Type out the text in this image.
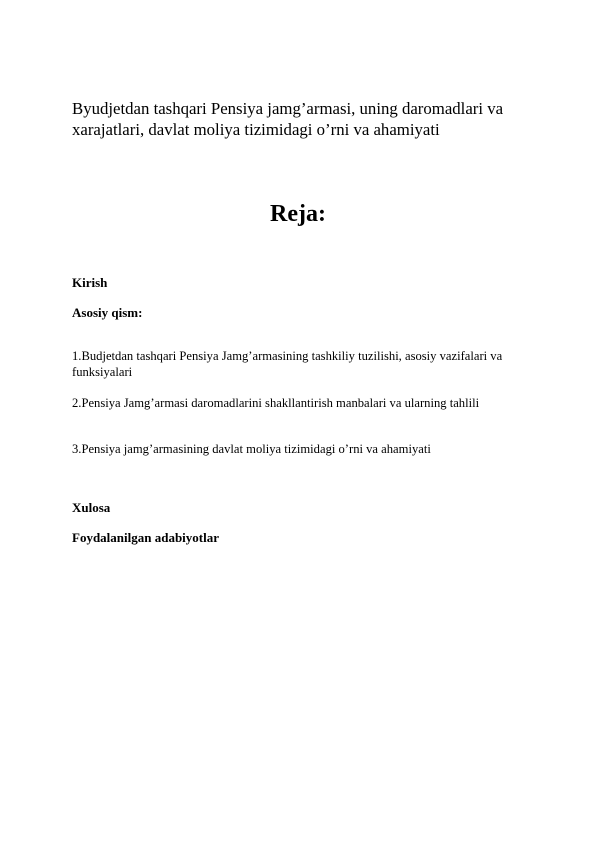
Byudjetdan tashqari Pensiya jamg’armasi, uning daromadlari va xarajatlari, davlat moliya tizimidagi o’rni va ahamiyati

Reja:

Kirish

Asosiy qism:

1.Budjetdan tashqari Pensiya Jamg’armasining tashkiliy tuzilishi, asosiy vazifalari va funksiyalari

2.Pensiya Jamg’armasi daromadlarini shakllantirish manbalari va ularning tahlili

3.Pensiya jamg’armasining davlat moliya tizimidagi o’rni va ahamiyati

Xulosa

Foydalanilgan adabiyotlar
